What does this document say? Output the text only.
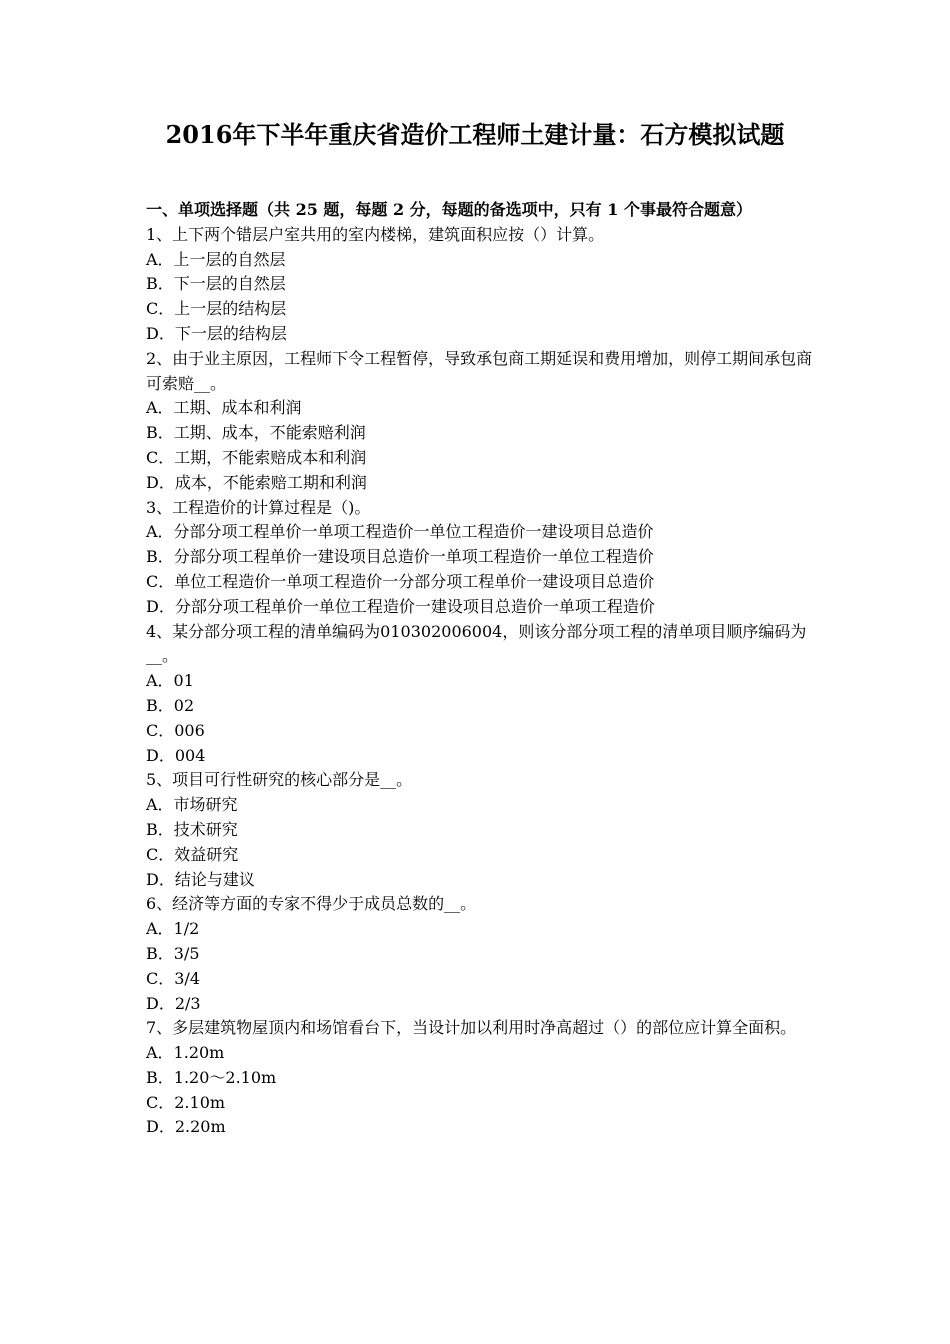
2016年下半年重庆省造价工程师土建计量：石方模拟试题

一、单项选择题（共 25 题，每题 2 分，每题的备选项中，只有 1 个事最符合题意）

1、上下两个错层户室共用的室内楼梯，建筑面积应按（）计算。

A．上一层的自然层

B．下一层的自然层

C．上一层的结构层

D．下一层的结构层

2、由于业主原因，工程师下令工程暂停，导致承包商工期延误和费用增加，则停工期间承包商可索赔__。

A．工期、成本和利润

B．工期、成本，不能索赔利润

C．工期，不能索赔成本和利润

D．成本，不能索赔工期和利润

3、工程造价的计算过程是（)。

A．分部分项工程单价一单项工程造价一单位工程造价一建设项目总造价

B．分部分项工程单价一建设项目总造价一单项工程造价一单位工程造价

C．单位工程造价一单项工程造价一分部分项工程单价一建设项目总造价

D．分部分项工程单价一单位工程造价一建设项目总造价一单项工程造价

4、某分部分项工程的清单编码为010302006004，则该分部分项工程的清单项目顺序编码为__。

A．01

B．02

C．006

D．004

5、项目可行性研究的核心部分是__。

A．市场研究

B．技术研究

C．效益研究

D．结论与建议

6、经济等方面的专家不得少于成员总数的__。

A．1/2

B．3/5

C．3/4

D．2/3

7、多层建筑物屋顶内和场馆看台下，当设计加以利用时净高超过（）的部位应计算全面积。

A．1.20m

B．1.20～2.10m

C．2.10m

D．2.20m
